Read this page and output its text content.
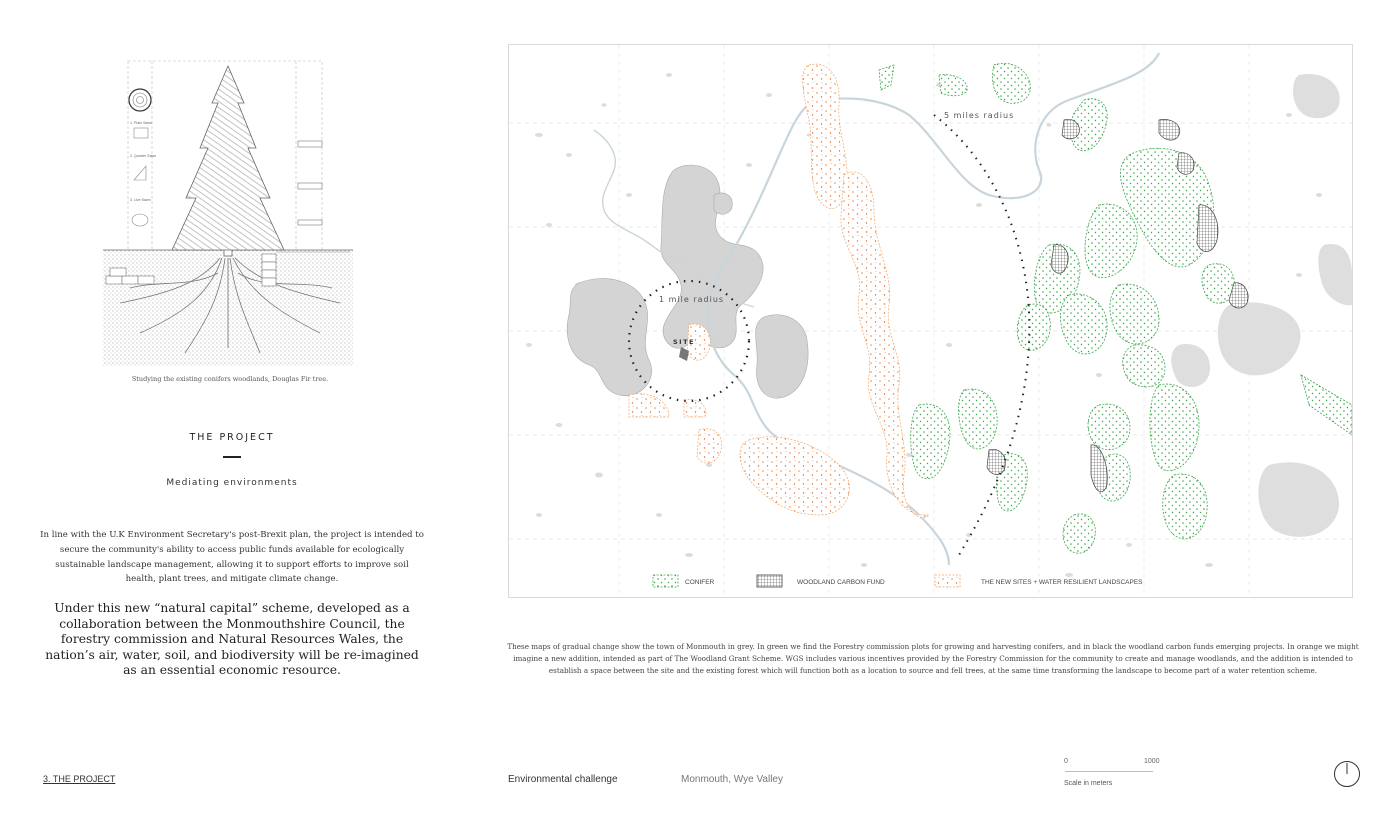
1. Plain Sawn
2. Quarter Sawn
3. Live Sawn
Studying the existing conifers woodlands, Douglas Fir tree.
THE PROJECT
Mediating environments
In line with the U.K Environment Secretary's post-Brexit plan, the project is intended to secure the community's ability to access public funds available for ecologically sustainable landscape management, allowing it to support efforts to improve soil health, plant trees, and mitigate climate change.
Under this new “natural capital” scheme, developed as a collaboration between the Monmouthshire Council, the forestry commission and Natural Resources Wales, the nation’s air, water, soil, and biodiversity will be re-imagined as an essential economic resource.
5 miles radius
1 mile radius
SITE
CONIFER	WOODLAND CARBON FUND	THE NEW SITES + WATER RESILIENT LANDSCAPES
These maps of gradual change show the town of Monmouth in grey. In green we find the Forestry commission plots for growing and harvesting conifers, and in black the woodland carbon funds emerging projects. In orange we might imagine a new addition, intended as part of The Woodland Grant Scheme. WGS includes various incentives provided by the Forestry Commission for the community to create and manage woodlands, and the addition is intended to establish a space between the site and the existing forest which will function both as a location to source and fell trees, at the same time transforming the landscape to become part of a water retention scheme.
3. THE PROJECT	Environmental challenge	Monmouth, Wye Valley
0	1000
Scale in meters
